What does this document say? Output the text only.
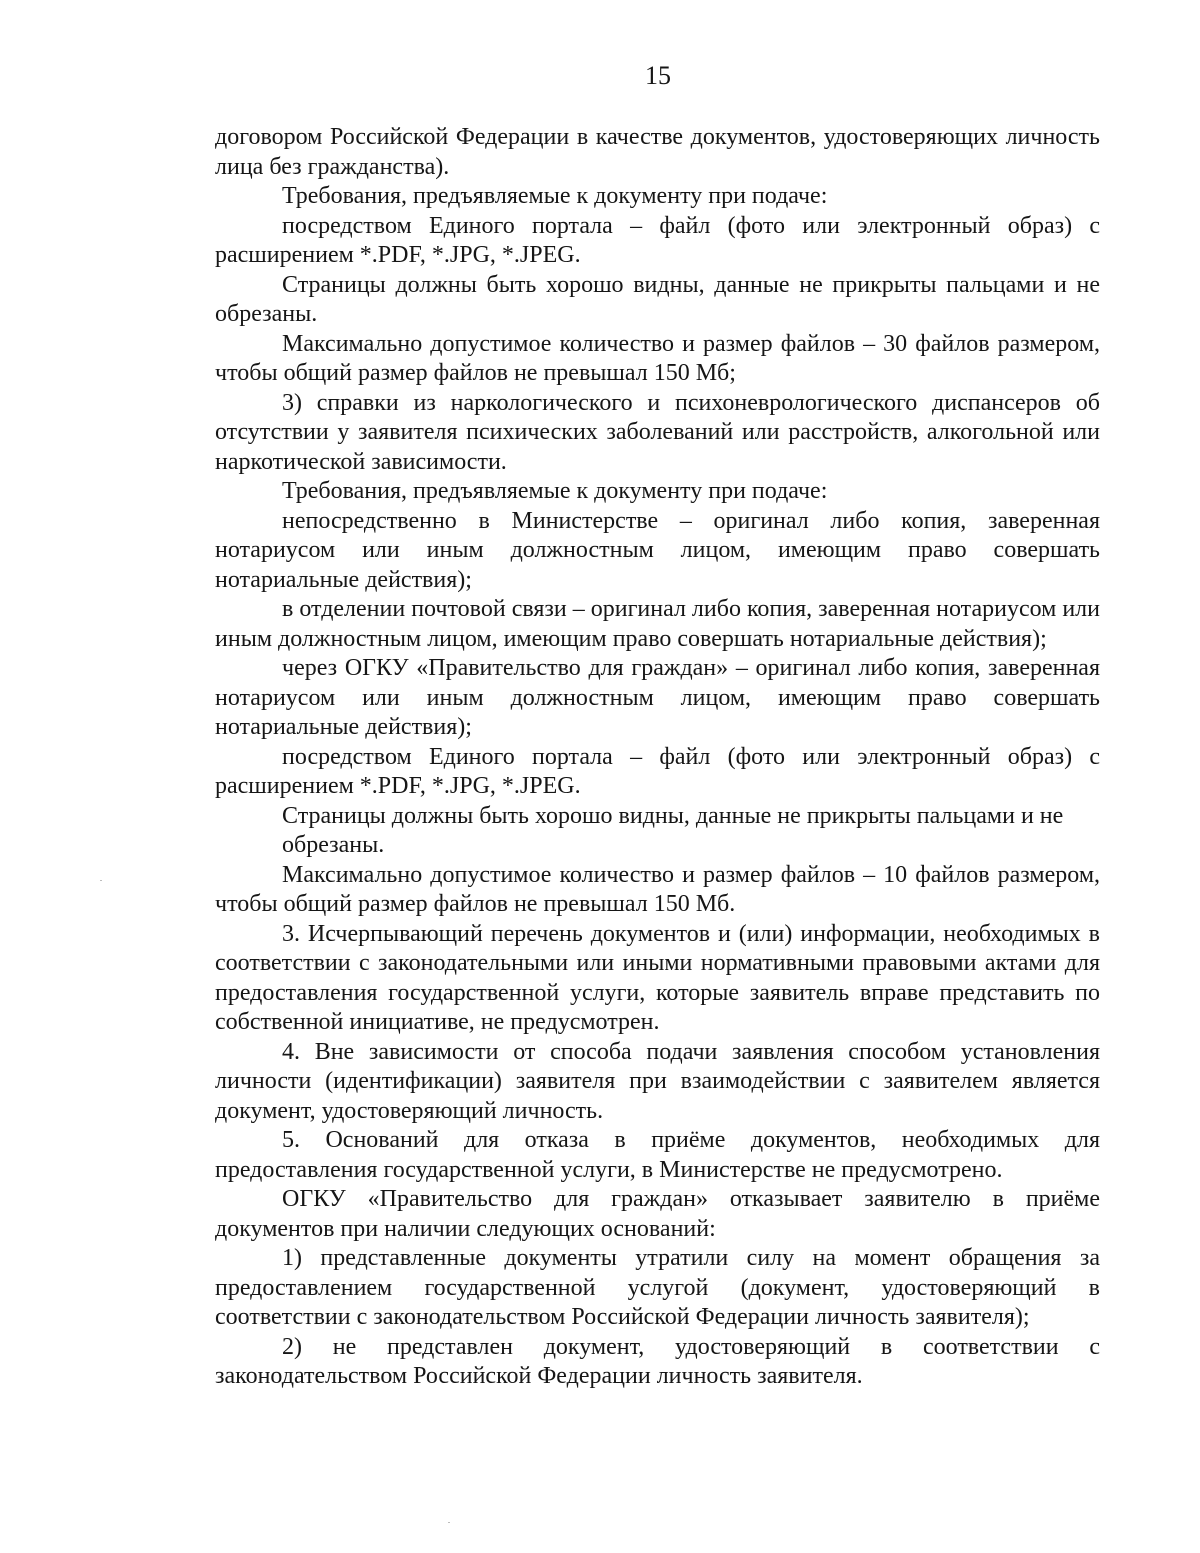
15

договором Российской Федерации в качестве документов, удостоверяющих личность лица без гражданства).

Требования, предъявляемые к документу при подаче:

посредством Единого портала – файл (фото или электронный образ) с расширением *.PDF, *.JPG, *.JPEG.

Страницы должны быть хорошо видны, данные не прикрыты пальцами и не обрезаны.

Максимально допустимое количество и размер файлов – 30 файлов размером, чтобы общий размер файлов не превышал 150 Мб;

3) справки из наркологического и психоневрологического диспансеров об отсутствии у заявителя психических заболеваний или расстройств, алкогольной или наркотической зависимости.

Требования, предъявляемые к документу при подаче:

непосредственно в Министерстве – оригинал либо копия, заверенная нотариусом или иным должностным лицом, имеющим право совершать нотариальные действия);

в отделении почтовой связи – оригинал либо копия, заверенная нотариусом или иным должностным лицом, имеющим право совершать нотариальные действия);

через ОГКУ «Правительство для граждан» – оригинал либо копия, заверенная нотариусом или иным должностным лицом, имеющим право совершать нотариальные действия);

посредством Единого портала – файл (фото или электронный образ) с расширением *.PDF, *.JPG, *.JPEG.

Страницы должны быть хорошо видны, данные не прикрыты пальцами и не обрезаны.

Максимально допустимое количество и размер файлов – 10 файлов размером, чтобы общий размер файлов не превышал 150 Мб.

3. Исчерпывающий перечень документов и (или) информации, необходимых в соответствии с законодательными или иными нормативными правовыми актами для предоставления государственной услуги, которые заявитель вправе представить по собственной инициативе, не предусмотрен.

4. Вне зависимости от способа подачи заявления способом установления личности (идентификации) заявителя при взаимодействии с заявителем является документ, удостоверяющий личность.

5. Оснований для отказа в приёме документов, необходимых для предоставления государственной услуги, в Министерстве не предусмотрено.

ОГКУ «Правительство для граждан» отказывает заявителю в приёме документов при наличии следующих оснований:

1) представленные документы утратили силу на момент обращения за предоставлением государственной услугой (документ, удостоверяющий в соответствии с законодательством Российской Федерации личность заявителя);

2) не представлен документ, удостоверяющий в соответствии с законодательством Российской Федерации личность заявителя.
